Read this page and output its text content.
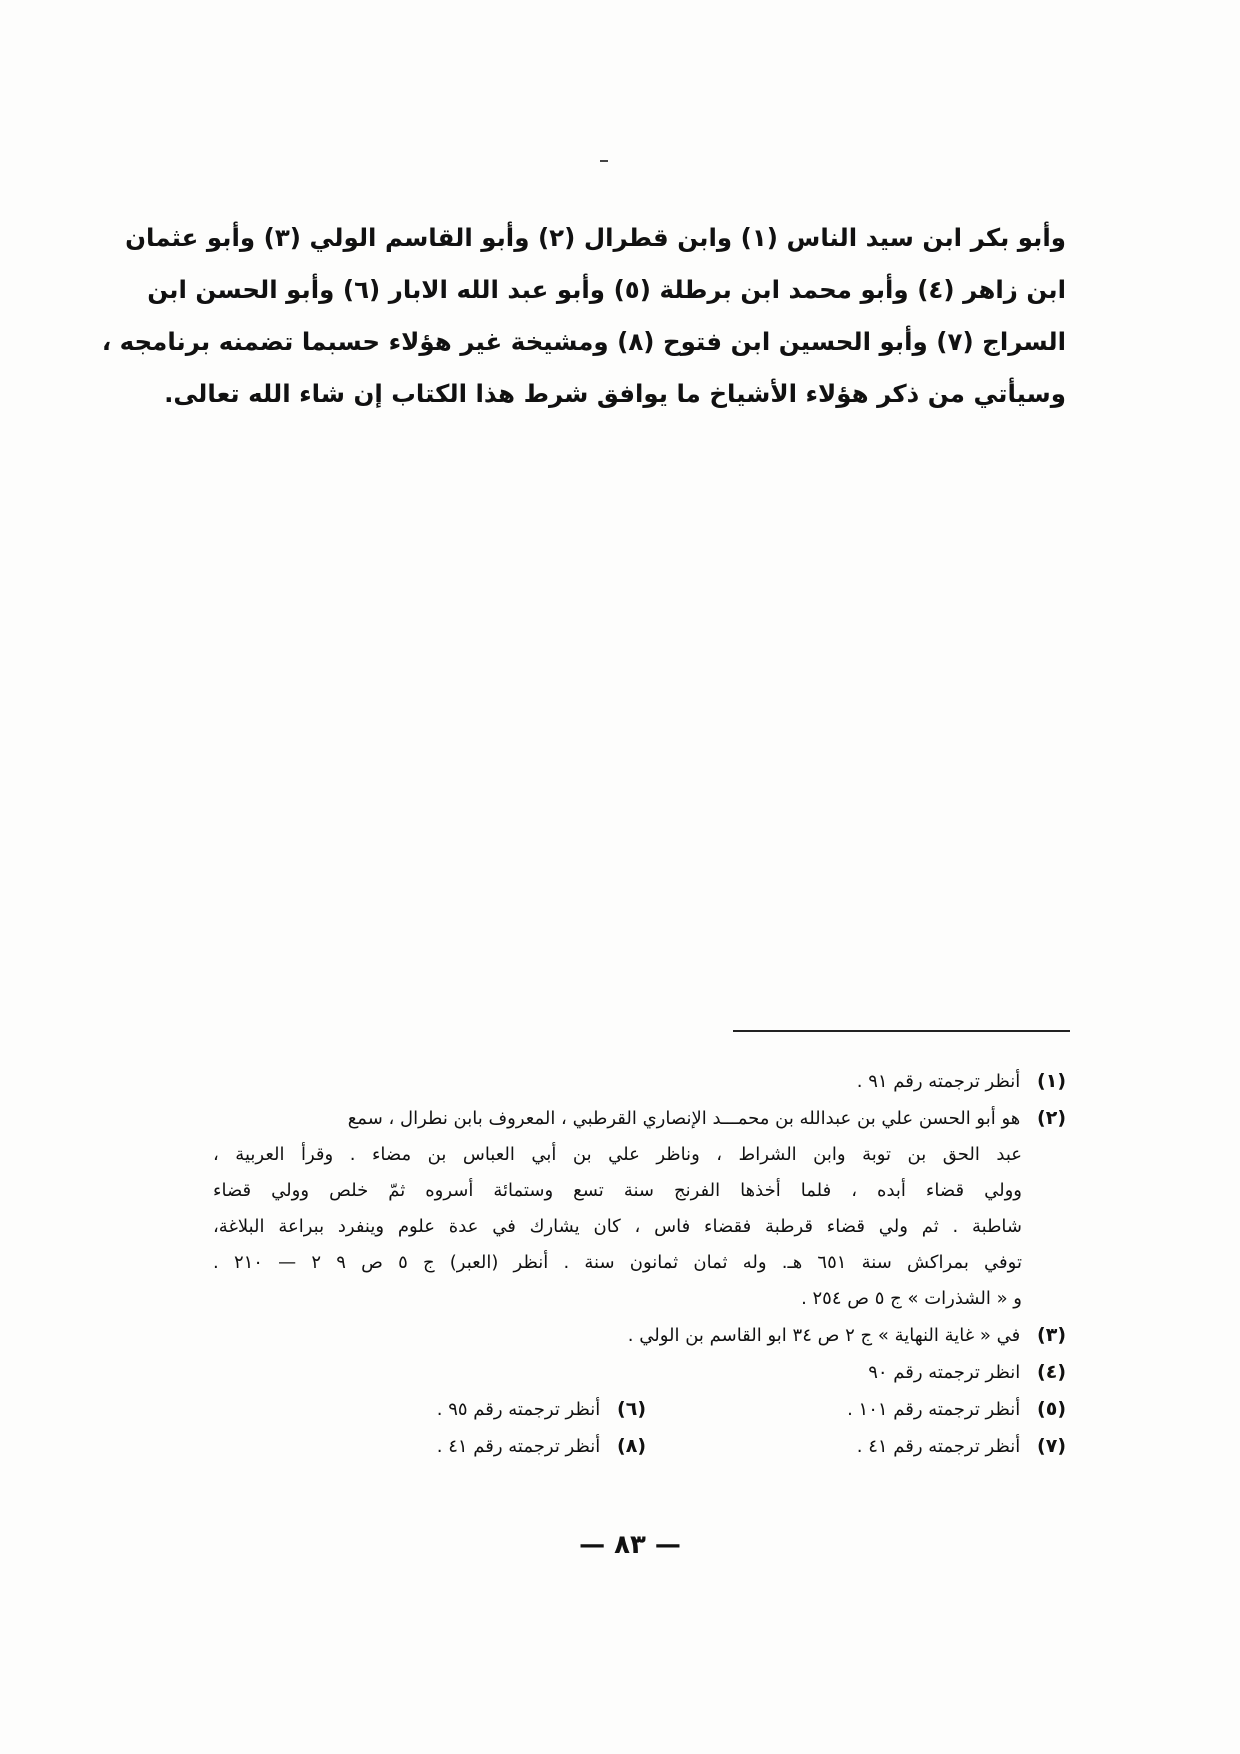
وأبو بكر ابن سيد الناس (١) وابن قطرال (٢) وأبو القاسم الولي (٣) وأبو عثمان
ابن زاهر (٤) وأبو محمد ابن برطلة (٥) وأبو عبد الله الابار (٦) وأبو الحسن ابن
السراج (٧) وأبو الحسين ابن فتوح (٨) ومشيخة غير هؤلاء حسبما تضمنه برنامجه ،
وسيأتي من ذكر هؤلاء الأشياخ ما يوافق شرط هذا الكتاب إن شاء الله تعالى.
(١) أنظر ترجمته رقم ٩١ .
(٢) هو أبو الحسن علي بن عبدالله بن محمـــد الإنصاري القرطبي ، المعروف بابن نطرال ، سمع
عبد الحق بن توبة وابن الشراط ، وناظر علي بن أبي العباس بن مضاء . وقرأ العربية ،
وولي قضاء أبده ، فلما أخذها الفرنج سنة تسع وستمائة أسروه ثمّ خلص وولي قضاء
شاطبة . ثم ولي قضاء قرطبة فقضاء فاس ، كان يشارك في عدة علوم وينفرد ببراعة البلاغة،
توفي بمراكش سنة ٦٥١ هـ. وله ثمان ثمانون سنة . أنظر (العبر) ج ٥ ص ٩ ٢ — ٢١٠ .
و « الشذرات » ج ٥ ص ٢٥٤ .
(٣) في « غاية النهاية » ج ٢ ص ٣٤ ابو القاسم بن الولي .
(٤) انظر ترجمته رقم ٩٠
(٥) أنظر ترجمته رقم ١٠١ .
(٦) أنظر ترجمته رقم ٩٥ .
(٧) أنظر ترجمته رقم ٤١ .
(٨) أنظر ترجمته رقم ٤١ .
— ٨٣ —
